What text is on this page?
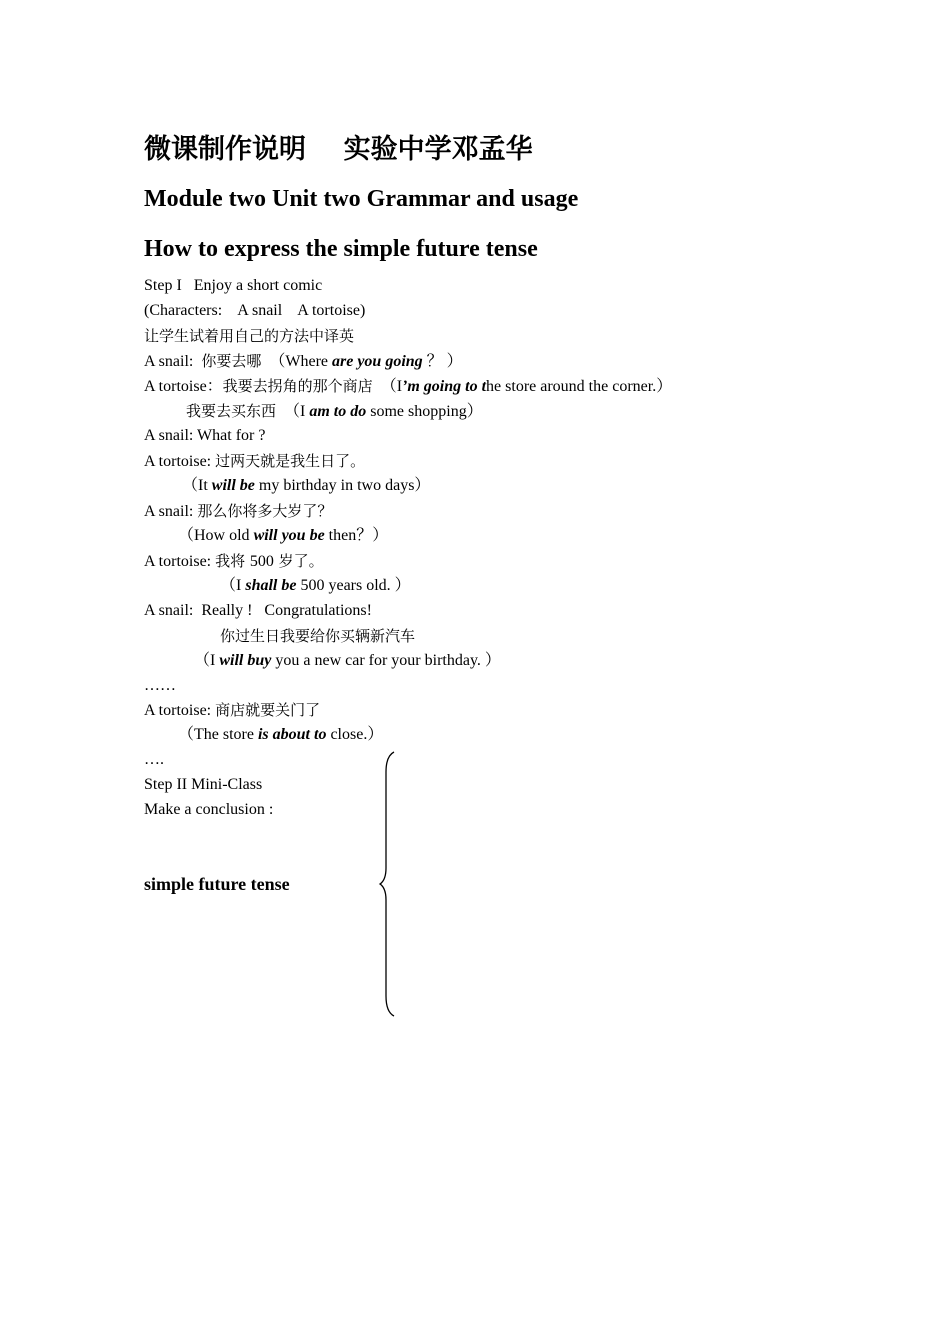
微课制作说明    实验中学邓孟华
Module two Unit two Grammar and usage
How to express the simple future tense
Step I   Enjoy a short comic
(Characters:    A snail    A tortoise)
让学生试着用自己的方法中译英
A snail:  你要去哪  （Where are you going ？ ）
A tortoise：我要去拐角的那个商店  （I’m going to the store around the corner.）
我要去买东西  （I am to do some shopping）
A snail: What for ?
A tortoise: 过两天就是我生日了。
（It will be my birthday in two days）
A snail: 那么你将多大岁了？
（How old will you be then？）
A tortoise: 我将 500 岁了。
（I shall be 500 years old. ）
A snail:  Really !   Congratulations!
你过生日我要给你买辆新汽车
（I will buy you a new car for your birthday. ）
……
A tortoise: 商店就要关门了
（The store is about to close.）
….
Step II Mini-Class
Make a conclusion :
simple future tense
